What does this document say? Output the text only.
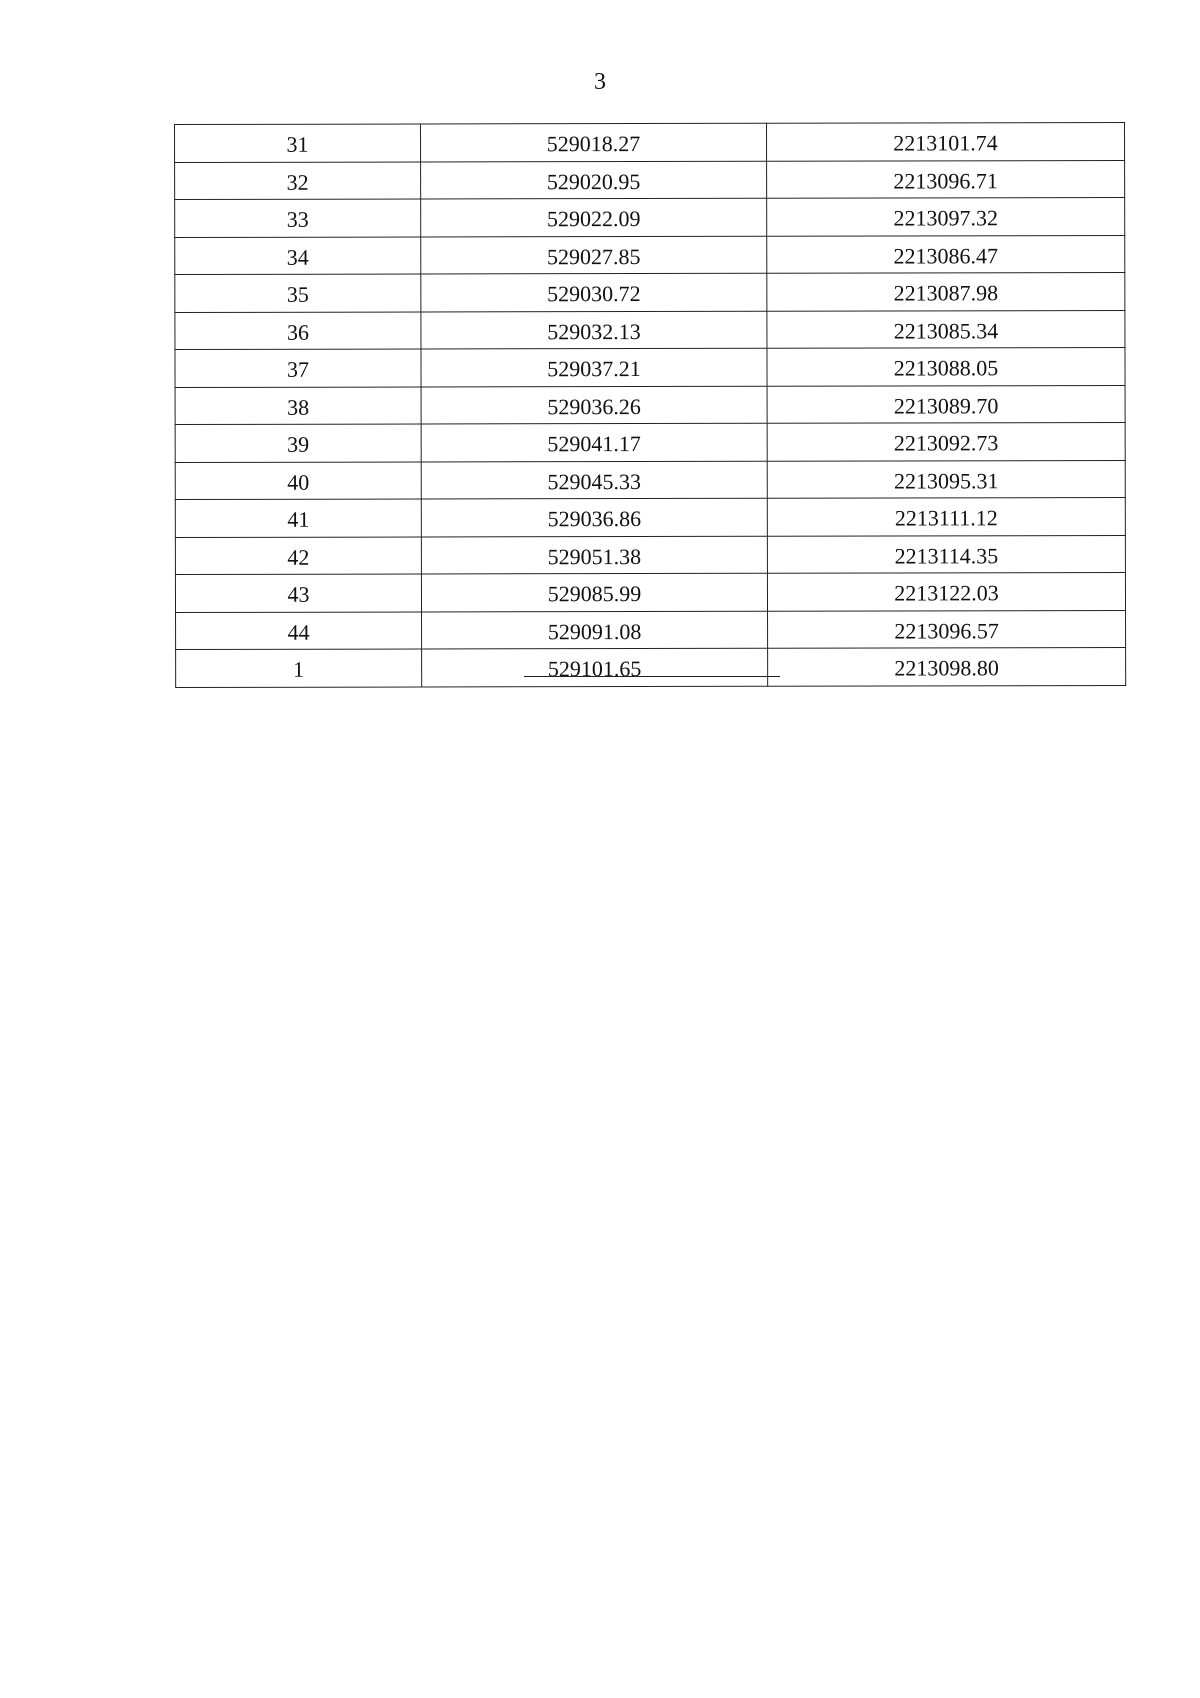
3
31	529018.27	2213101.74
32	529020.95	2213096.71
33	529022.09	2213097.32
34	529027.85	2213086.47
35	529030.72	2213087.98
36	529032.13	2213085.34
37	529037.21	2213088.05
38	529036.26	2213089.70
39	529041.17	2213092.73
40	529045.33	2213095.31
41	529036.86	2213111.12
42	529051.38	2213114.35
43	529085.99	2213122.03
44	529091.08	2213096.57
1	529101.65	2213098.80
